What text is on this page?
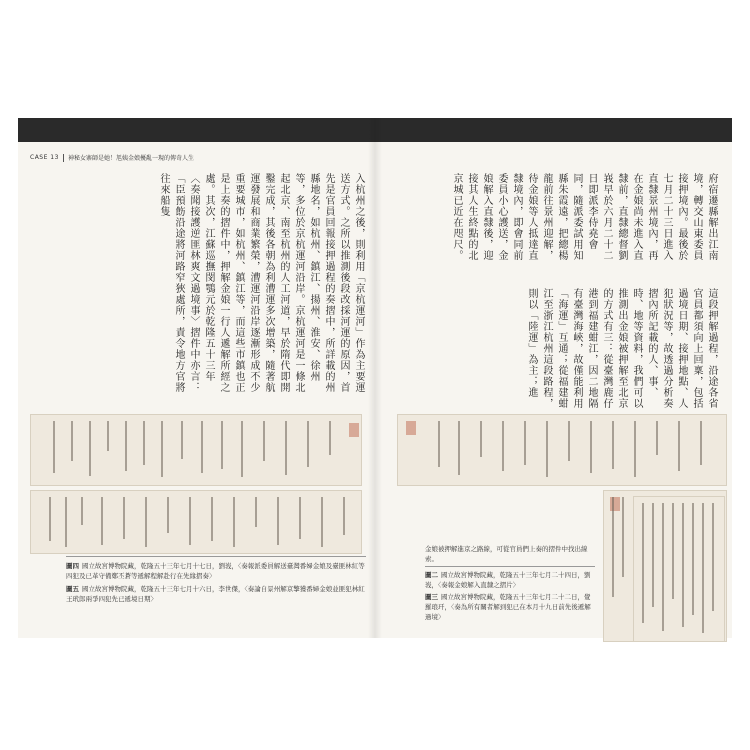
CASE 13 神秘女寨師是她！尪姨金娘擾亂一現的傳奇人生
入杭州之後，則利用「京杭運河」作為主要運送方式。之所以推測後段改採河運的原因，首先是官員回報接押過程的奏摺中，所詳載的州縣地名，如杭州、鎮江、揚州、淮安、徐州等，多位於京杭運河沿岸。京杭運河是一條北起北京、南至杭州的人工河道，早於隋代即開鑿完成，其後各朝為利漕運多次增築，隨著航運發展和商業繁榮，漕運河沿岸逐漸形成不少重要城市，如杭州、鎮江等，而這些市鎮也正是上奏的摺件中，押解金娘一行人遞解所經之處。其次，江蘇巡撫閔鶚元於乾隆五十三年〈奏聞接護逆匪林爽文過境事〉摺件中亦言：「臣預飭沿途將河路窄狹處所，責令地方官將往來船隻
圖四 國立故宮博物院藏，乾隆五十三年七月十七日，劉峩，〈奏報派委員解送臺灣番婦金娘及臺匪林紅等四犯及已革守備鄭丕蒼等遞解程解赴行在先緣摺奏〉
圖五 國立故宮博物院藏，乾隆五十三年七月十六日，李世傑，〈奏論自景州解京擎獲番婦金娘並匪犯林紅王玳郎兩爭四犯先已遞境日期〉
府宿遷縣解出江南境，轉交山東委員接押境內。最後於七月二十三日進入直隸景州境內，再在金娘尚未進入直隸前，直隸總督劉峩早於六月二十二日即派李侍堯會同，隨派委試用知縣朱霞遠，把總楊龍前往景州迎解，待金娘等人抵達直隸境內，即會同前委員小心護送，金娘解入直隸後，迎接其人生終點的北京城已近在咫尺。
這段押解過程，沿途各省官員都須向上回稟，包括過境日期、接押地點、人犯狀況等，故透過分析奏摺內所記載的人、事、時、地等資料，我們可以推測出金娘被押解至北京的方式有三：從臺灣鹿仔港到福建蚶江，因二地隔有臺灣海峽，故僅能利用「海運」互通；從福建蚶江至浙江杭州這段路程，則以「陸運」為主；進
金娘被押解進京之路線，可從官員們上奏的摺件中找出線索。
圖二 國立故宮博物院藏，乾隆五十三年七月二十四日，劉峩，〈奏報金娘解入直隸之摺片〉
圖三 國立故宮博物院藏，乾隆五十三年七月二十二日，覺羅琅玕，〈奏為所有關者解到犯已在本月十九日前先後遞解過境〉
